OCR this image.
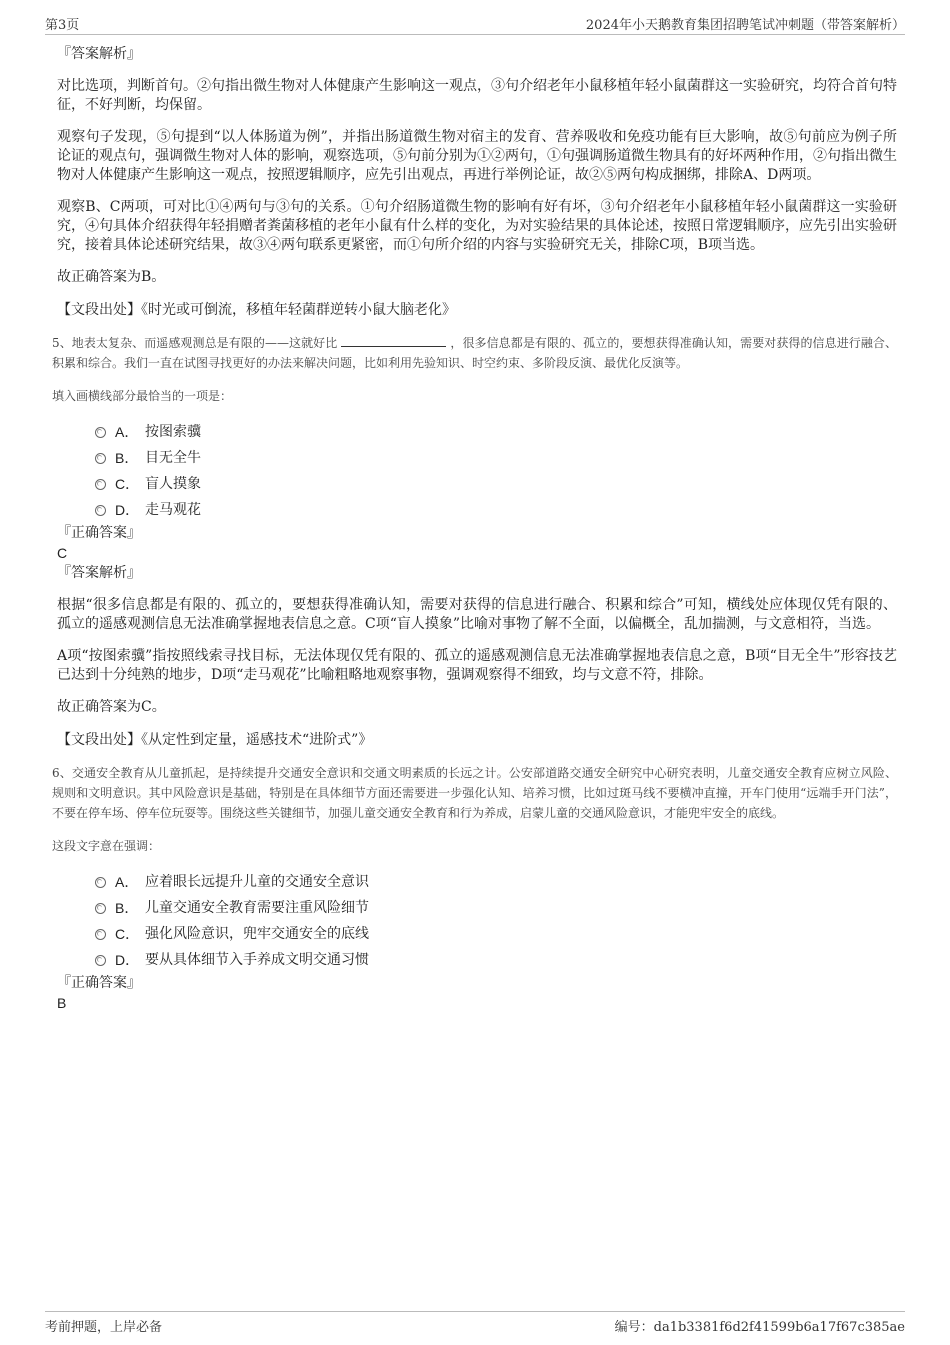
第3页	2024年小天鹅教育集团招聘笔试冲刺题（带答案解析）
『答案解析』

对比选项，判断首句。②句指出微生物对人体健康产生影响这一观点，③句介绍老年小鼠移植年轻小鼠菌群这一实验研究，均符合首句特征，不好判断，均保留。

观察句子发现，⑤句提到“以人体肠道为例”，并指出肠道微生物对宿主的发育、营养吸收和免疫功能有巨大影响，故⑤句前应为例子所论证的观点句，强调微生物对人体的影响，观察选项，⑤句前分别为①②两句，①句强调肠道微生物具有的好坏两种作用，②句指出微生物对人体健康产生影响这一观点，按照逻辑顺序，应先引出观点，再进行举例论证，故②⑤两句构成捆绑，排除A、D两项。

观察B、C两项，可对比①④两句与③句的关系。①句介绍肠道微生物的影响有好有坏，③句介绍老年小鼠移植年轻小鼠菌群这一实验研究，④句具体介绍获得年轻捐赠者粪菌移植的老年小鼠有什么样的变化，为对实验结果的具体论述，按照日常逻辑顺序，应先引出实验研究，接着具体论述研究结果，故③④两句联系更紧密，而①句所介绍的内容与实验研究无关，排除C项，B项当选。

故正确答案为B。

【文段出处】《时光或可倒流，移植年轻菌群逆转小鼠大脑老化》
5、地表太复杂、而遥感观测总是有限的——这就好比	，很多信息都是有限的、孤立的，要想获得准确认知，需要对获得的信息进行融合、积累和综合。我们一直在试图寻找更好的办法来解决问题，比如利用先验知识、时空约束、多阶段反演、最优化反演等。
填入画横线部分最恰当的一项是：
A． 按图索骥
B． 目无全牛
C． 盲人摸象
D． 走马观花
『正确答案』
C
『答案解析』

根据“很多信息都是有限的、孤立的，要想获得准确认知，需要对获得的信息进行融合、积累和综合”可知，横线处应体现仅凭有限的、孤立的遥感观测信息无法准确掌握地表信息之意。C项“盲人摸象”比喻对事物了解不全面，以偏概全，乱加揣测，与文意相符，当选。

A项“按图索骥”指按照线索寻找目标，无法体现仅凭有限的、孤立的遥感观测信息无法准确掌握地表信息之意，B项“目无全牛”形容技艺已达到十分纯熟的地步，D项“走马观花”比喻粗略地观察事物，强调观察得不细致，均与文意不符，排除。

故正确答案为C。

【文段出处】《从定性到定量，遥感技术“进阶式”》
6、交通安全教育从儿童抓起，是持续提升交通安全意识和交通文明素质的长远之计。公安部道路交通安全研究中心研究表明，儿童交通安全教育应树立风险、规则和文明意识。其中风险意识是基础，特别是在具体细节方面还需要进一步强化认知、培养习惯，比如过斑马线不要横冲直撞，开车门使用“远端手开门法”，不要在停车场、停车位玩耍等。围绕这些关键细节，加强儿童交通安全教育和行为养成，启蒙儿童的交通风险意识，才能兜牢安全的底线。
这段文字意在强调：
A． 应着眼长远提升儿童的交通安全意识
B． 儿童交通安全教育需要注重风险细节
C． 强化风险意识，兜牢交通安全的底线
D． 要从具体细节入手养成文明交通习惯
『正确答案』
B
考前押题，上岸必备	编号：da1b3381f6d2f41599b6a17f67c385ae
